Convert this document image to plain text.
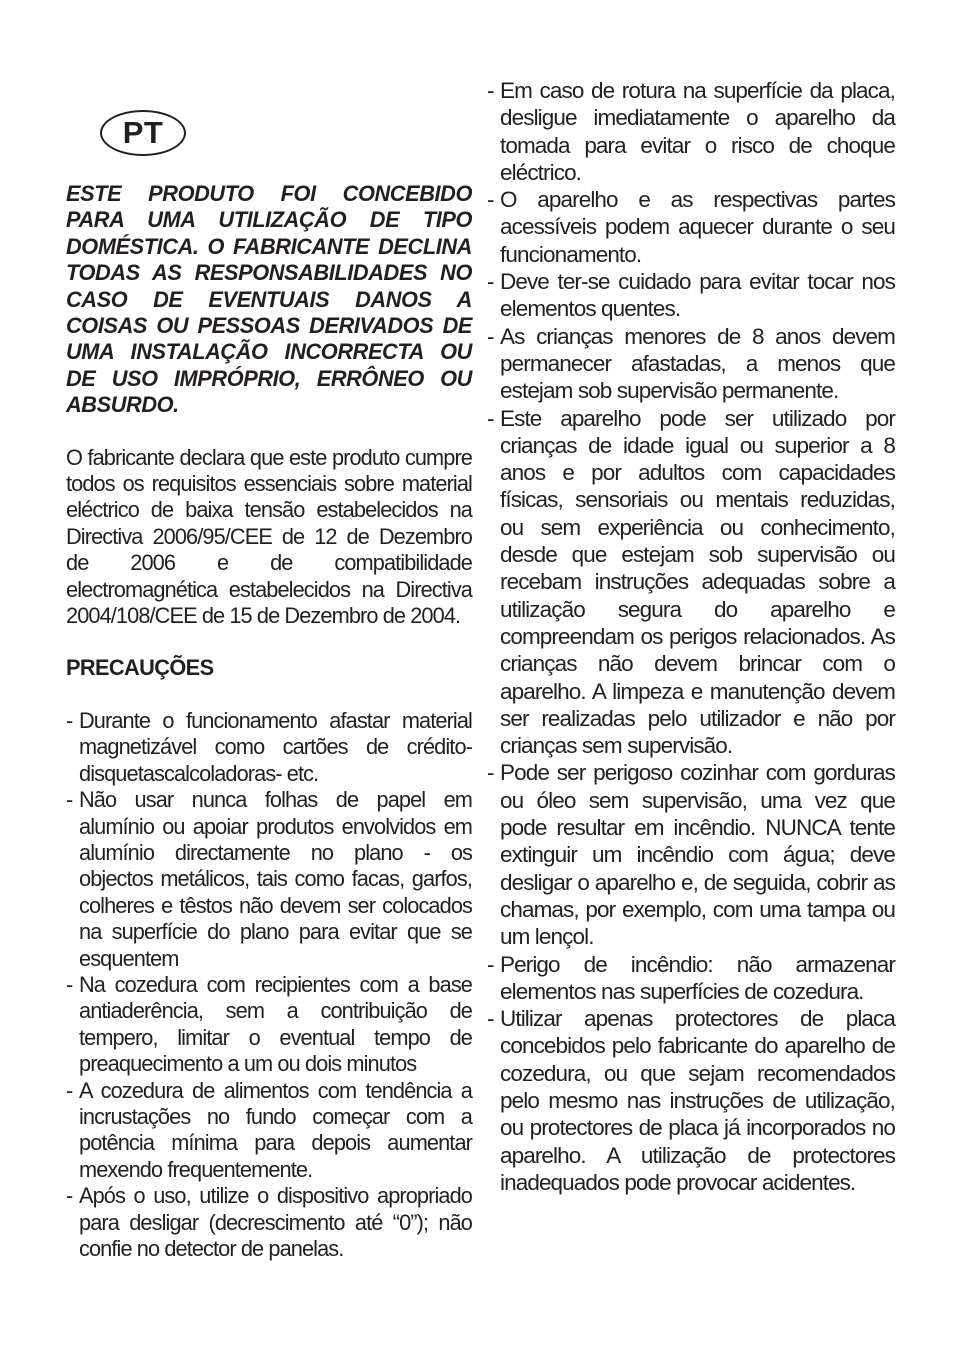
PT

ESTE PRODUTO FOI CONCEBIDO PARA UMA UTILIZAÇÃO DE TIPO DOMÉSTICA. O FABRICANTE DECLINA TODAS AS RESPONSABILIDADES NO CASO DE EVENTUAIS DANOS A COISAS OU PESSOAS DERIVADOS DE UMA INSTALAÇÃO INCORRECTA OU DE USO IMPRÓPRIO, ERRÔNEO OU ABSURDO.

O fabricante declara que este produto cumpre todos os requisitos essenciais sobre material eléctrico de baixa tensão estabelecidos na Directiva 2006/95/CEE de 12 de Dezembro de 2006 e de compatibilidade electromagnética estabelecidos na Directiva 2004/108/CEE de 15 de Dezembro de 2004.

PRECAUÇÕES
- Durante o funcionamento afastar material magnetizável como cartões de crédito-disquetascalcoladoras- etc.
- Não usar nunca folhas de papel em alumínio ou apoiar produtos envolvidos em alumínio directamente no plano - os objectos metálicos, tais como facas, garfos, colheres e têstos não devem ser colocados na superfície do plano para evitar que se esquentem
- Na cozedura com recipientes com a base antiaderência, sem a contribuição de tempero, limitar o eventual tempo de preaquecimento a um ou dois minutos
- A cozedura de alimentos com tendência a incrustações no fundo começar com a potência mínima para depois aumentar mexendo frequentemente.
- Após o uso, utilize o dispositivo apropriado para desligar (decrescimento até “0”); não confie no detector de panelas.
- Em caso de rotura na superfície da placa, desligue imediatamente o aparelho da tomada para evitar o risco de choque eléctrico.
- O aparelho e as respectivas partes acessíveis podem aquecer durante o seu funcionamento.
- Deve ter-se cuidado para evitar tocar nos elementos quentes.
- As crianças menores de 8 anos devem permanecer afastadas, a menos que estejam sob supervisão permanente.
- Este aparelho pode ser utilizado por crianças de idade igual ou superior a 8 anos e por adultos com capacidades físicas, sensoriais ou mentais reduzidas, ou sem experiência ou conhecimento, desde que estejam sob supervisão ou recebam instruções adequadas sobre a utilização segura do aparelho e compreendam os perigos relacionados. As crianças não devem brincar com o aparelho. A limpeza e manutenção devem ser realizadas pelo utilizador e não por crianças sem supervisão.
- Pode ser perigoso cozinhar com gorduras ou óleo sem supervisão, uma vez que pode resultar em incêndio. NUNCA tente extinguir um incêndio com água; deve desligar o aparelho e, de seguida, cobrir as chamas, por exemplo, com uma tampa ou um lençol.
- Perigo de incêndio: não armazenar elementos nas superfícies de cozedura.
- Utilizar apenas protectores de placa concebidos pelo fabricante do aparelho de cozedura, ou que sejam recomendados pelo mesmo nas instruções de utilização, ou protectores de placa já incorporados no aparelho. A utilização de protectores inadequados pode provocar acidentes.
